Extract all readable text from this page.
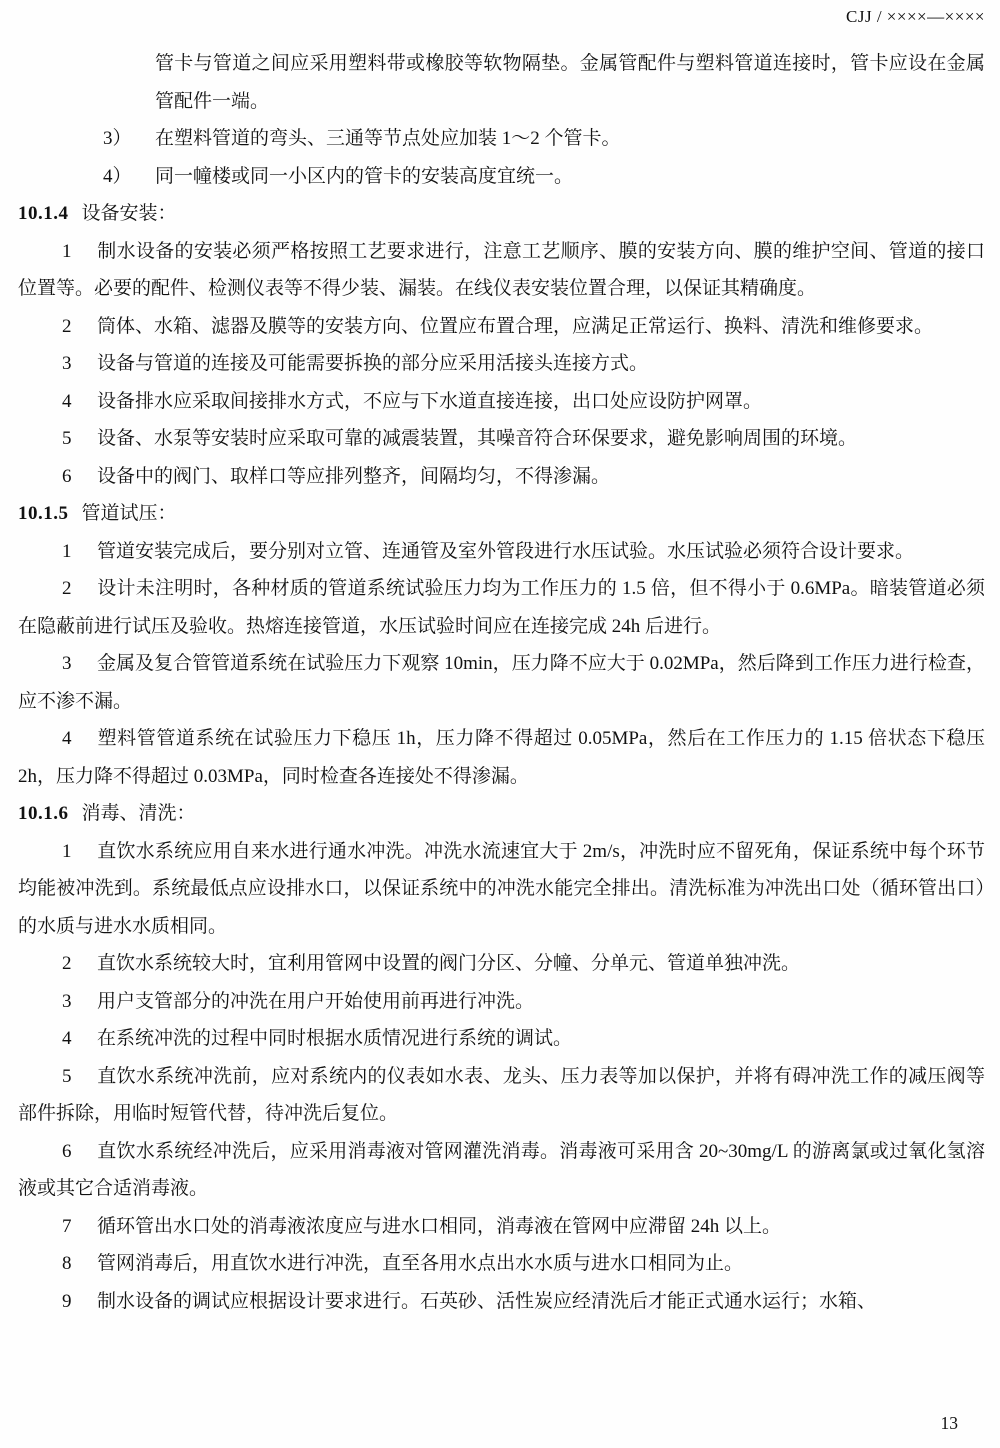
CJJ / ××××—××××

管卡与管道之间应采用塑料带或橡胶等软物隔垫。金属管配件与塑料管道连接时，管卡应设在金属管配件一端。

3） 在塑料管道的弯头、三通等节点处应加装 1～2 个管卡。

4） 同一幢楼或同一小区内的管卡的安装高度宜统一。

10.1.4 设备安装：

1 制水设备的安装必须严格按照工艺要求进行，注意工艺顺序、膜的安装方向、膜的维护空间、管道的接口位置等。必要的配件、检测仪表等不得少装、漏装。在线仪表安装位置合理，以保证其精确度。

2 筒体、水箱、滤器及膜等的安装方向、位置应布置合理，应满足正常运行、换料、清洗和维修要求。

3 设备与管道的连接及可能需要拆换的部分应采用活接头连接方式。

4 设备排水应采取间接排水方式，不应与下水道直接连接，出口处应设防护网罩。

5 设备、水泵等安装时应采取可靠的减震装置，其噪音符合环保要求，避免影响周围的环境。

6 设备中的阀门、取样口等应排列整齐，间隔均匀，不得渗漏。

10.1.5 管道试压：

1 管道安装完成后，要分别对立管、连通管及室外管段进行水压试验。水压试验必须符合设计要求。

2 设计未注明时，各种材质的管道系统试验压力均为工作压力的 1.5 倍，但不得小于 0.6MPa。暗装管道必须在隐蔽前进行试压及验收。热熔连接管道，水压试验时间应在连接完成 24h 后进行。

3 金属及复合管管道系统在试验压力下观察 10min，压力降不应大于 0.02MPa，然后降到工作压力进行检查，应不渗不漏。

4 塑料管管道系统在试验压力下稳压 1h，压力降不得超过 0.05MPa，然后在工作压力的 1.15 倍状态下稳压 2h，压力降不得超过 0.03MPa，同时检查各连接处不得渗漏。

10.1.6 消毒、清洗：

1 直饮水系统应用自来水进行通水冲洗。冲洗水流速宜大于 2m/s，冲洗时应不留死角，保证系统中每个环节均能被冲洗到。系统最低点应设排水口，以保证系统中的冲洗水能完全排出。清洗标准为冲洗出口处（循环管出口）的水质与进水水质相同。

2 直饮水系统较大时，宜利用管网中设置的阀门分区、分幢、分单元、管道单独冲洗。

3 用户支管部分的冲洗在用户开始使用前再进行冲洗。

4 在系统冲洗的过程中同时根据水质情况进行系统的调试。

5 直饮水系统冲洗前，应对系统内的仪表如水表、龙头、压力表等加以保护，并将有碍冲洗工作的减压阀等部件拆除，用临时短管代替，待冲洗后复位。

6 直饮水系统经冲洗后，应采用消毒液对管网灌洗消毒。消毒液可采用含 20~30mg/L 的游离氯或过氧化氢溶液或其它合适消毒液。

7 循环管出水口处的消毒液浓度应与进水口相同，消毒液在管网中应滞留 24h 以上。

8 管网消毒后，用直饮水进行冲洗，直至各用水点出水水质与进水口相同为止。

9 制水设备的调试应根据设计要求进行。石英砂、活性炭应经清洗后才能正式通水运行；水箱、

13
